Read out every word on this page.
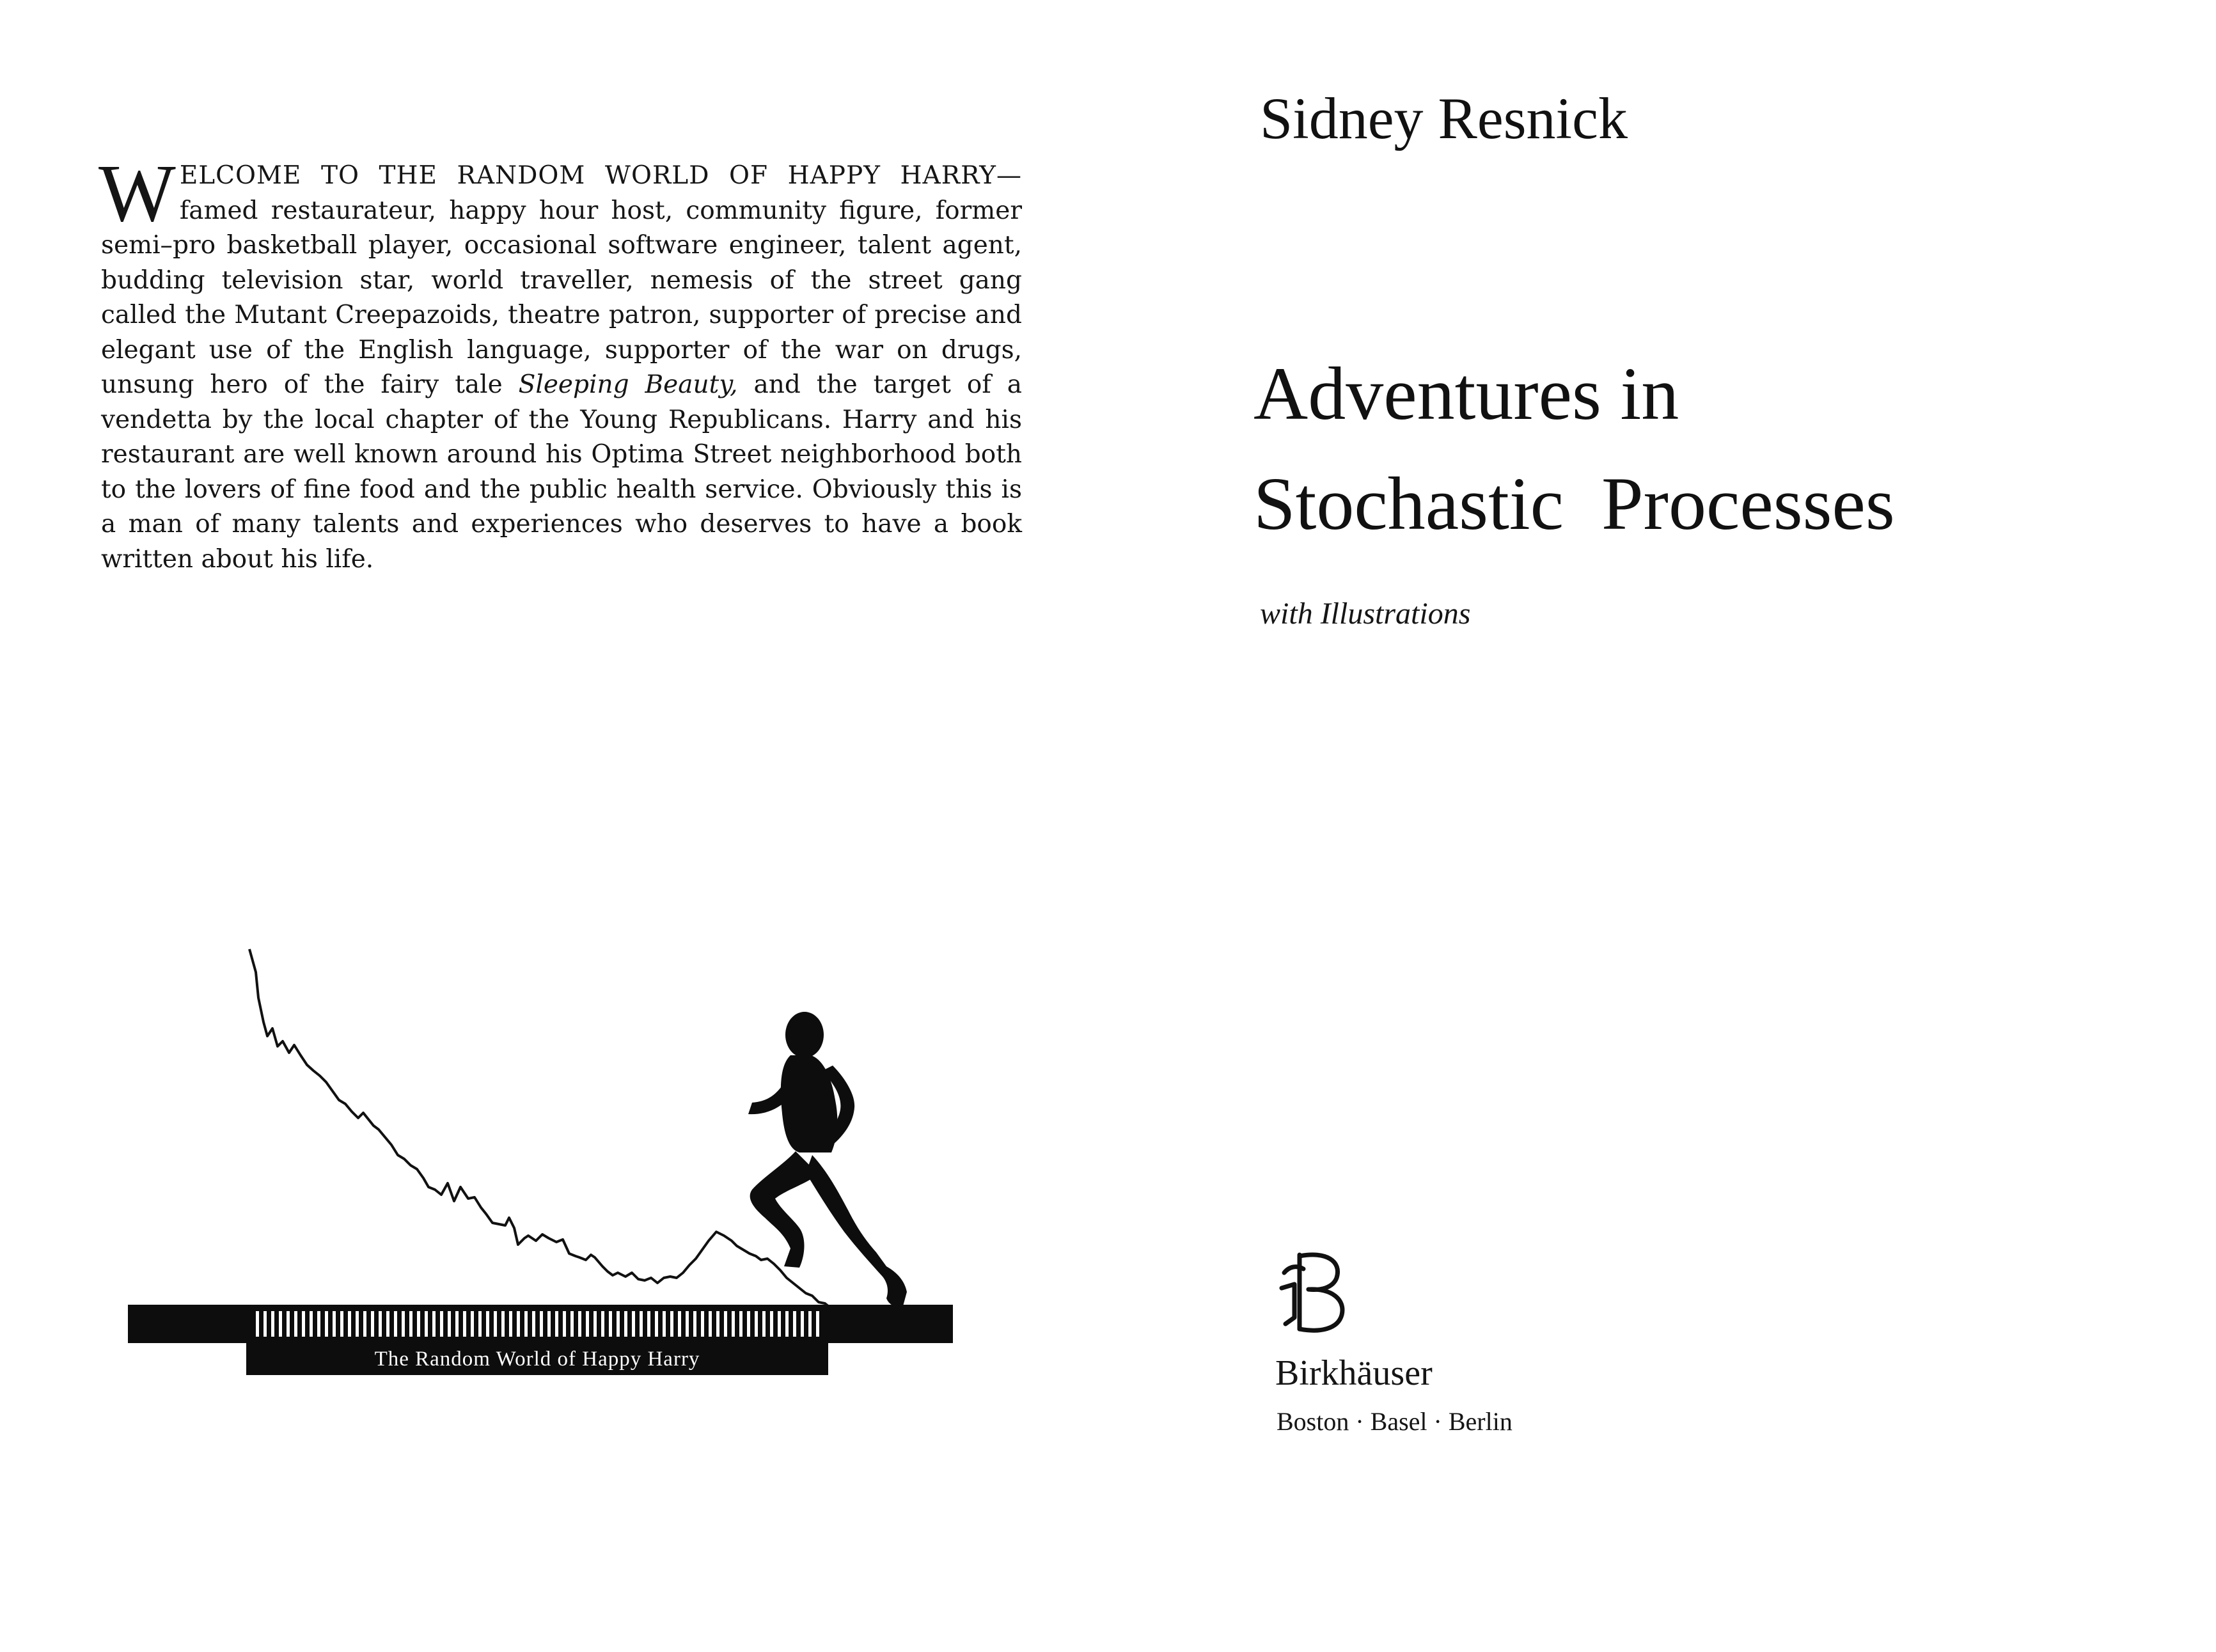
WELCOME TO THE RANDOM WORLD OF HAPPY HARRY— famed restaurateur, happy hour host, community figure, former semi–pro basketball player, occasional software engineer, talent agent, budding television star, world traveller, nemesis of the street gang called the Mutant Creepazoids, theatre patron, supporter of precise and elegant use of the English language, supporter of the war on drugs, unsung hero of the fairy tale Sleeping Beauty, and the target of a vendetta by the local chapter of the Young Republicans. Harry and his restaurant are well known around his Optima Street neighborhood both to the lovers of fine food and the public health service. Obviously this is a man of many talents and experiences who deserves to have a book written about his life.
The Random World of Happy Harry
Sidney Resnick
Adventures in
Stochastic  Processes
with Illustrations
Birkhäuser
Boston · Basel · Berlin
